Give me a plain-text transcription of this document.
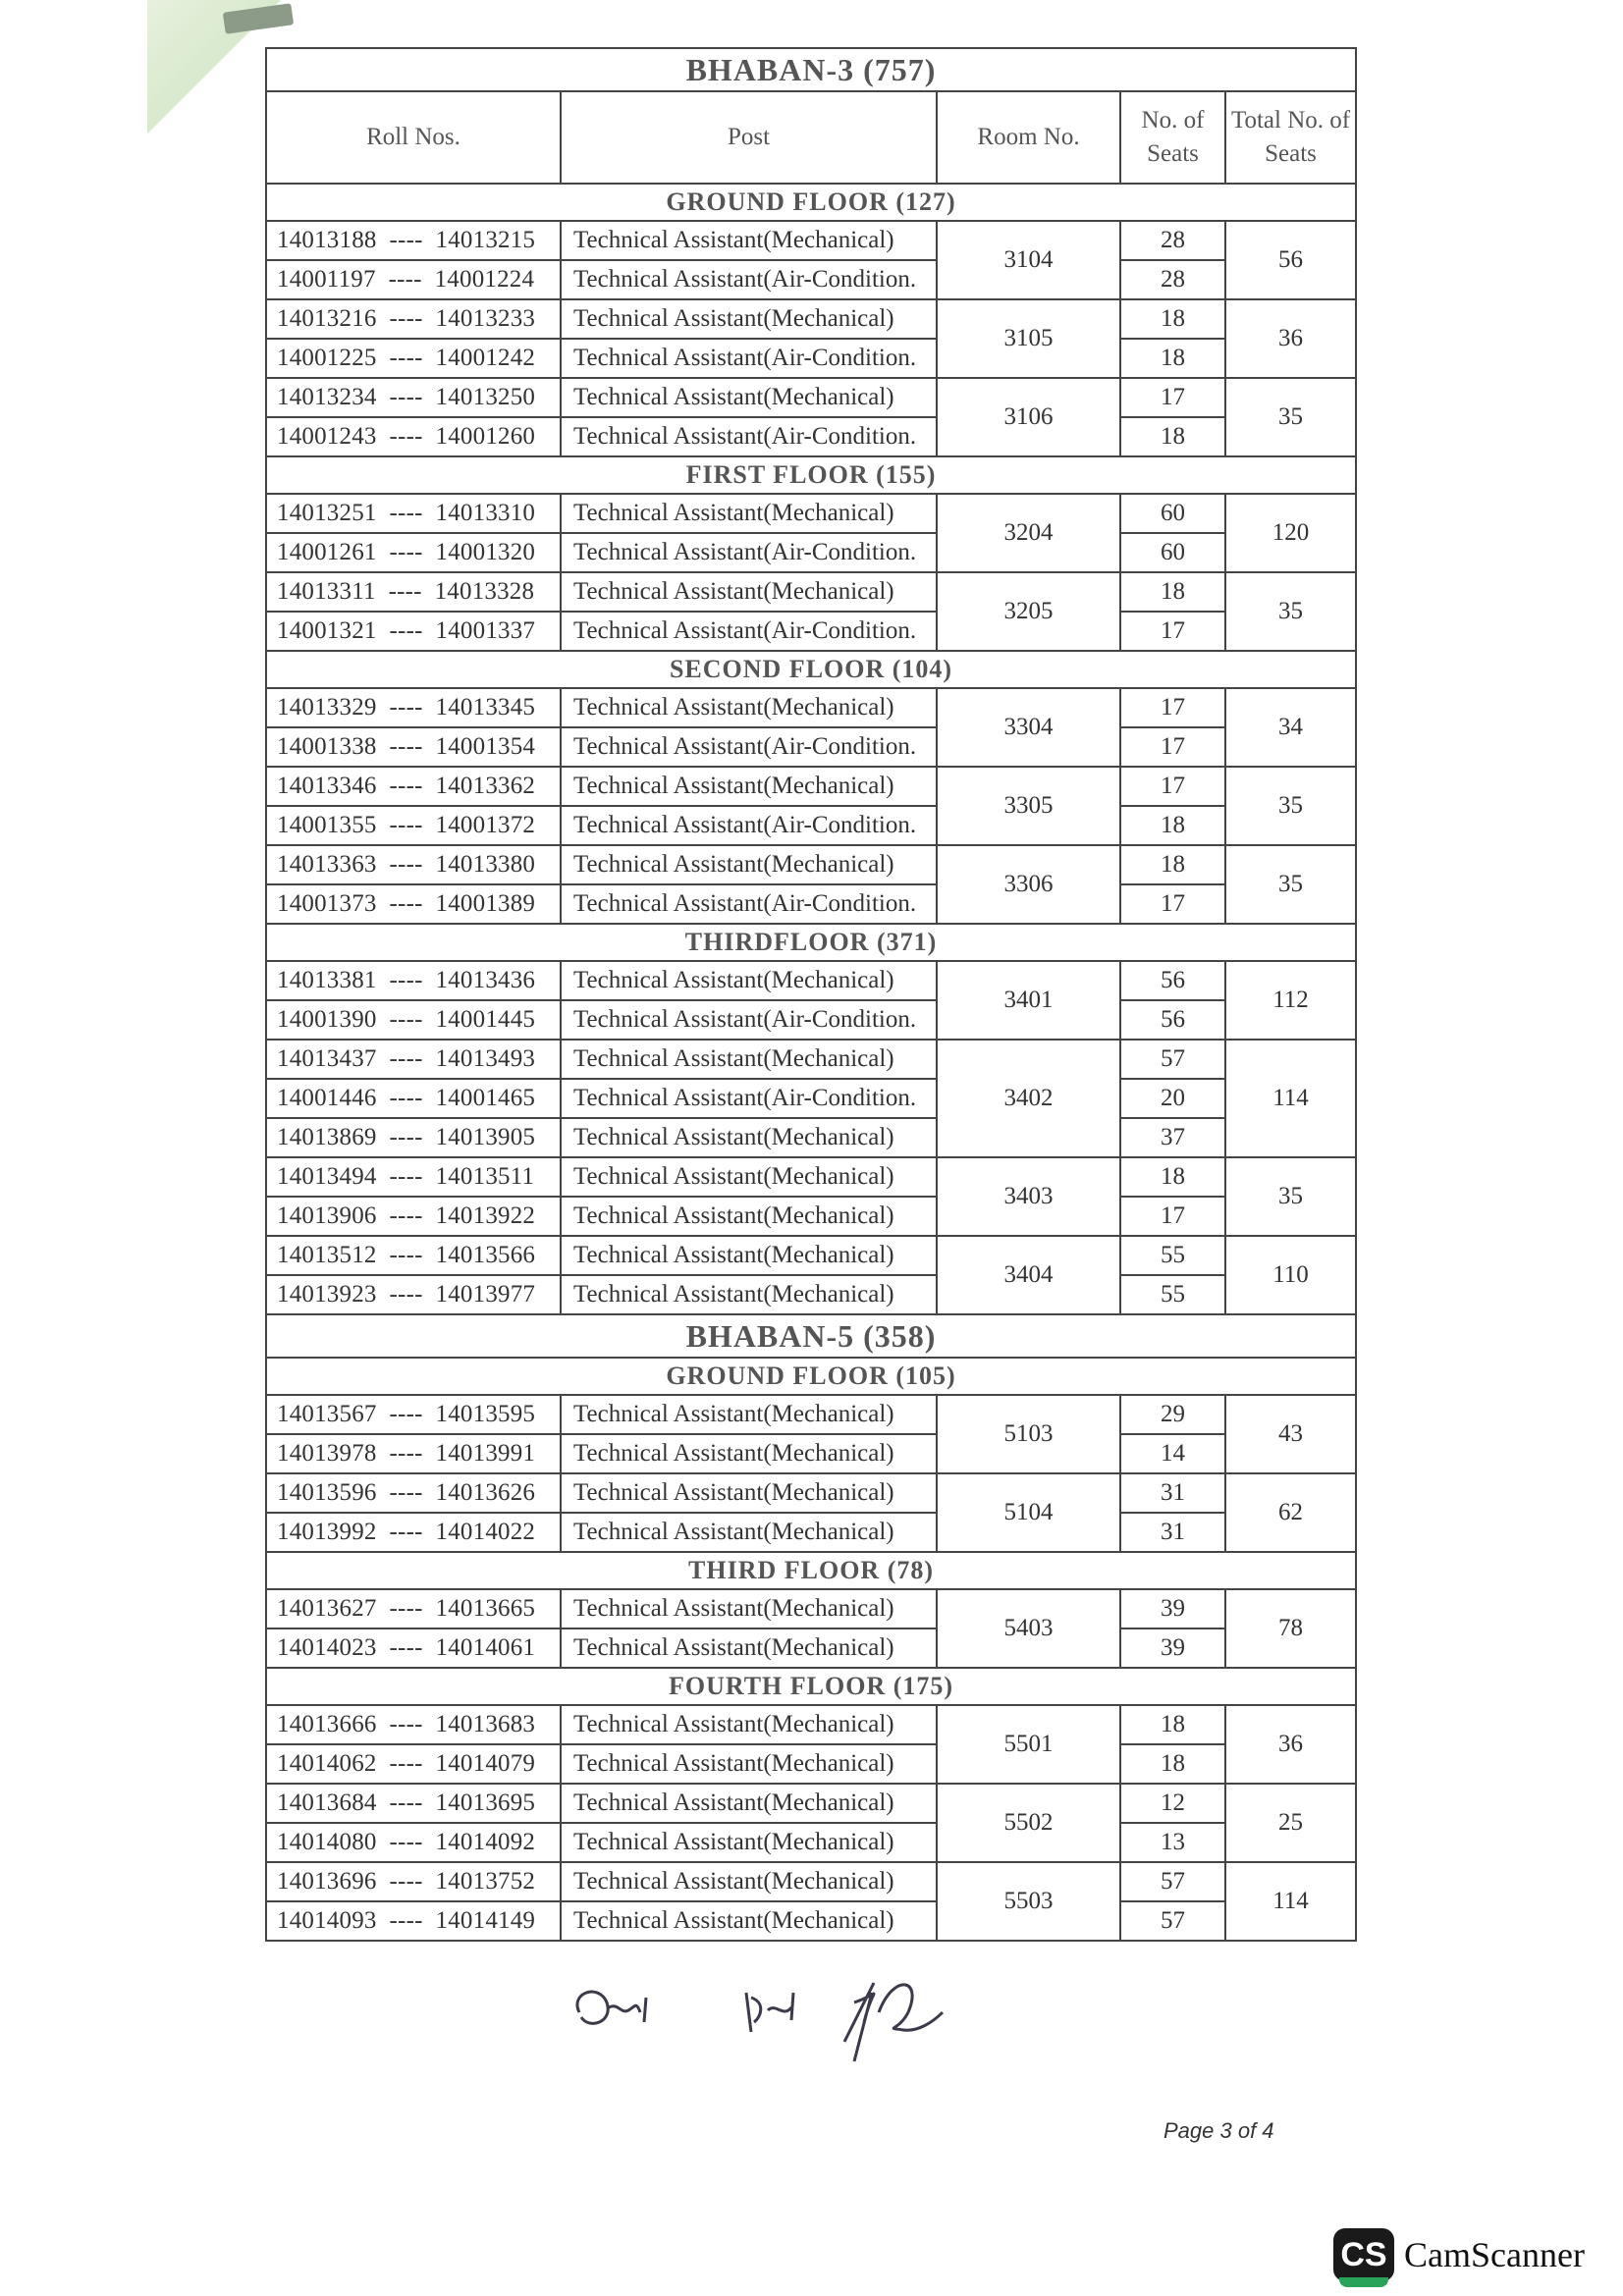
BHABAN-3 (757)				
Roll Nos.	Post	Room No.	No. of Seats	Total No. of Seats
GROUND FLOOR (127)				
14013188 ---- 14013215	Technical Assistant(Mechanical)	3104	28	56
14001197 ---- 14001224	Technical Assistant(Air-Condition.		28	
14013216 ---- 14013233	Technical Assistant(Mechanical)	3105	18	36
14001225 ---- 14001242	Technical Assistant(Air-Condition.		18	
14013234 ---- 14013250	Technical Assistant(Mechanical)	3106	17	35
14001243 ---- 14001260	Technical Assistant(Air-Condition.		18	
FIRST FLOOR (155)				
14013251 ---- 14013310	Technical Assistant(Mechanical)	3204	60	120
14001261 ---- 14001320	Technical Assistant(Air-Condition.		60	
14013311 ---- 14013328	Technical Assistant(Mechanical)	3205	18	35
14001321 ---- 14001337	Technical Assistant(Air-Condition.		17	
SECOND FLOOR (104)				
14013329 ---- 14013345	Technical Assistant(Mechanical)	3304	17	34
14001338 ---- 14001354	Technical Assistant(Air-Condition.		17	
14013346 ---- 14013362	Technical Assistant(Mechanical)	3305	17	35
14001355 ---- 14001372	Technical Assistant(Air-Condition.		18	
14013363 ---- 14013380	Technical Assistant(Mechanical)	3306	18	35
14001373 ---- 14001389	Technical Assistant(Air-Condition.		17	
THIRDFLOOR (371)				
14013381 ---- 14013436	Technical Assistant(Mechanical)	3401	56	112
14001390 ---- 14001445	Technical Assistant(Air-Condition.		56	
14013437 ---- 14013493	Technical Assistant(Mechanical)	3402	57	114
14001446 ---- 14001465	Technical Assistant(Air-Condition.		20	
14013869 ---- 14013905	Technical Assistant(Mechanical)		37	
14013494 ---- 14013511	Technical Assistant(Mechanical)	3403	18	35
14013906 ---- 14013922	Technical Assistant(Mechanical)		17	
14013512 ---- 14013566	Technical Assistant(Mechanical)	3404	55	110
14013923 ---- 14013977	Technical Assistant(Mechanical)		55	
BHABAN-5 (358)				
GROUND FLOOR (105)				
14013567 ---- 14013595	Technical Assistant(Mechanical)	5103	29	43
14013978 ---- 14013991	Technical Assistant(Mechanical)		14	
14013596 ---- 14013626	Technical Assistant(Mechanical)	5104	31	62
14013992 ---- 14014022	Technical Assistant(Mechanical)		31	
THIRD FLOOR (78)				
14013627 ---- 14013665	Technical Assistant(Mechanical)	5403	39	78
14014023 ---- 14014061	Technical Assistant(Mechanical)		39	
FOURTH FLOOR (175)				
14013666 ---- 14013683	Technical Assistant(Mechanical)	5501	18	36
14014062 ---- 14014079	Technical Assistant(Mechanical)		18	
14013684 ---- 14013695	Technical Assistant(Mechanical)	5502	12	25
14014080 ---- 14014092	Technical Assistant(Mechanical)		13	
14013696 ---- 14013752	Technical Assistant(Mechanical)	5503	57	114
14014093 ---- 14014149	Technical Assistant(Mechanical)		57	
Page 3 of 4
CS CamScanner
